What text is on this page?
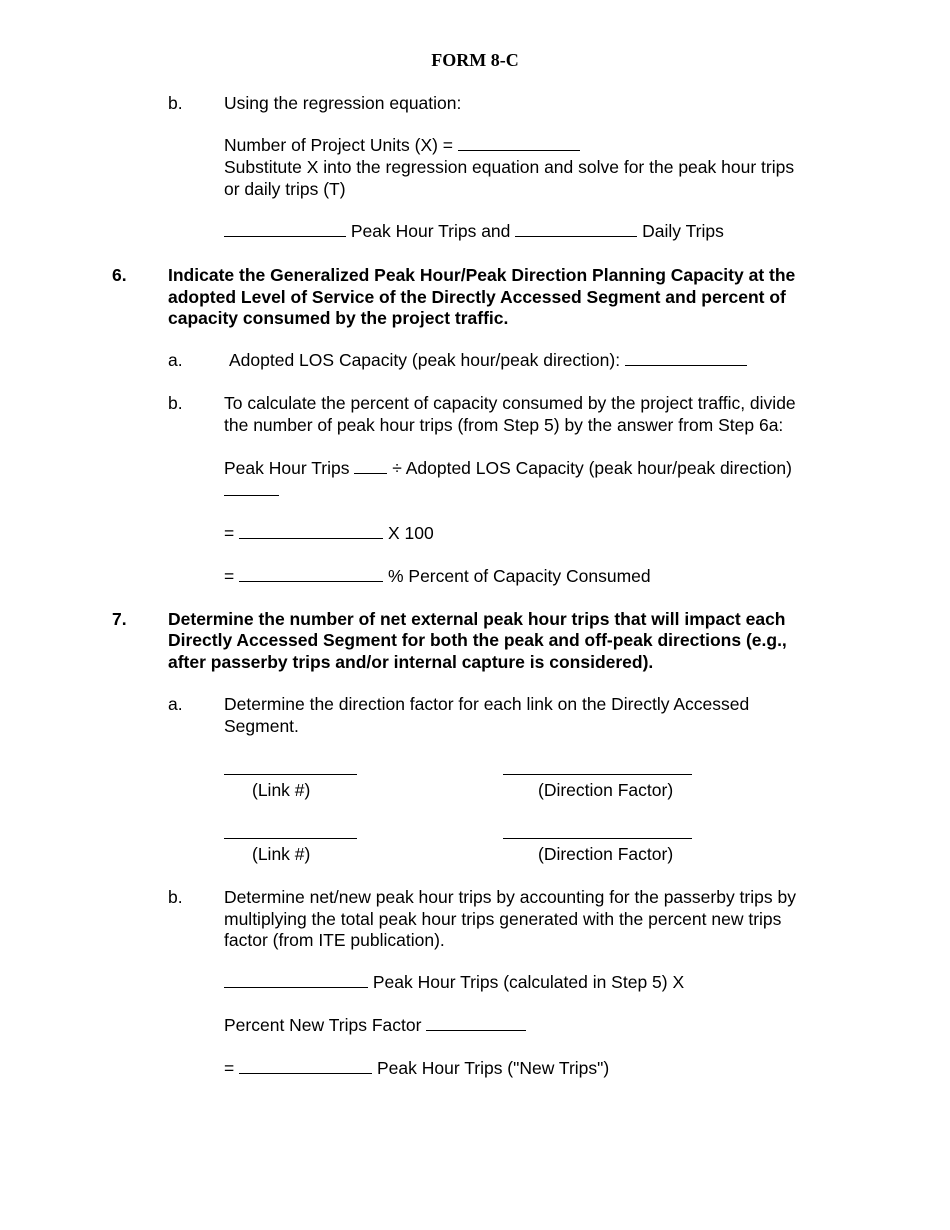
FORM 8-C
b. Using the regression equation:
Number of Project Units (X) =
Substitute X into the regression equation and solve for the peak hour trips
or daily trips (T)
Peak Hour Trips and	Daily Trips
6. Indicate the Generalized Peak Hour/Peak Direction Planning Capacity at the
adopted Level of Service of the Directly Accessed Segment and percent of
capacity consumed by the project traffic.
a.	Adopted LOS Capacity (peak hour/peak direction):
b. To calculate the percent of capacity consumed by the project traffic, divide
the number of peak hour trips (from Step 5) by the answer from Step 6a:
Peak Hour Trips ÷ Adopted LOS Capacity (peak hour/peak direction)
=	X 100
=	% Percent of Capacity Consumed
7. Determine the number of net external peak hour trips that will impact each
Directly Accessed Segment for both the peak and off-peak directions (e.g.,
after passerby trips and/or internal capture is considered).
a. Determine the direction factor for each link on the Directly Accessed
Segment.
(Link #)	(Direction Factor)
(Link #)	(Direction Factor)
b. Determine net/new peak hour trips by accounting for the passerby trips by
multiplying the total peak hour trips generated with the percent new trips
factor (from ITE publication).
Peak Hour Trips (calculated in Step 5) X
Percent New Trips Factor
=	Peak Hour Trips ("New Trips")
